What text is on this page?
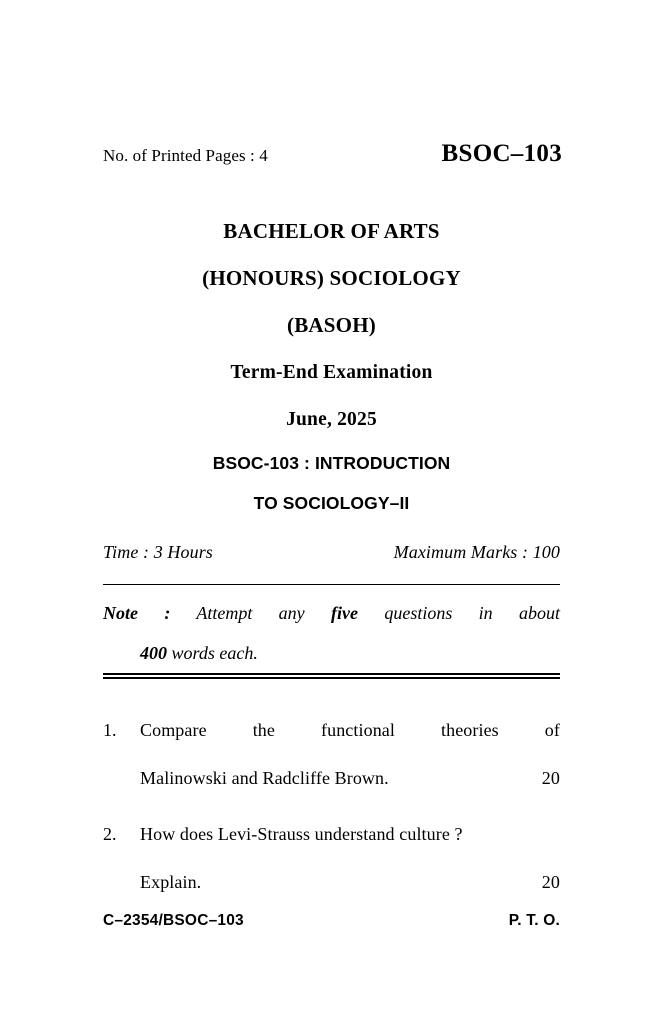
No. of Printed Pages : 4	BSOC–103
BACHELOR OF ARTS
(HONOURS) SOCIOLOGY
(BASOH)
Term-End Examination
June, 2025
BSOC-103 : INTRODUCTION
TO SOCIOLOGY–II
Time : 3 Hours	Maximum Marks : 100
Note : Attempt any five questions in about
400 words each.
1.	Compare the functional theories of
Malinowski and Radcliffe Brown.	20
2.	How does Levi-Strauss understand culture ?
Explain.	20
C–2354/BSOC–103	P. T. O.
